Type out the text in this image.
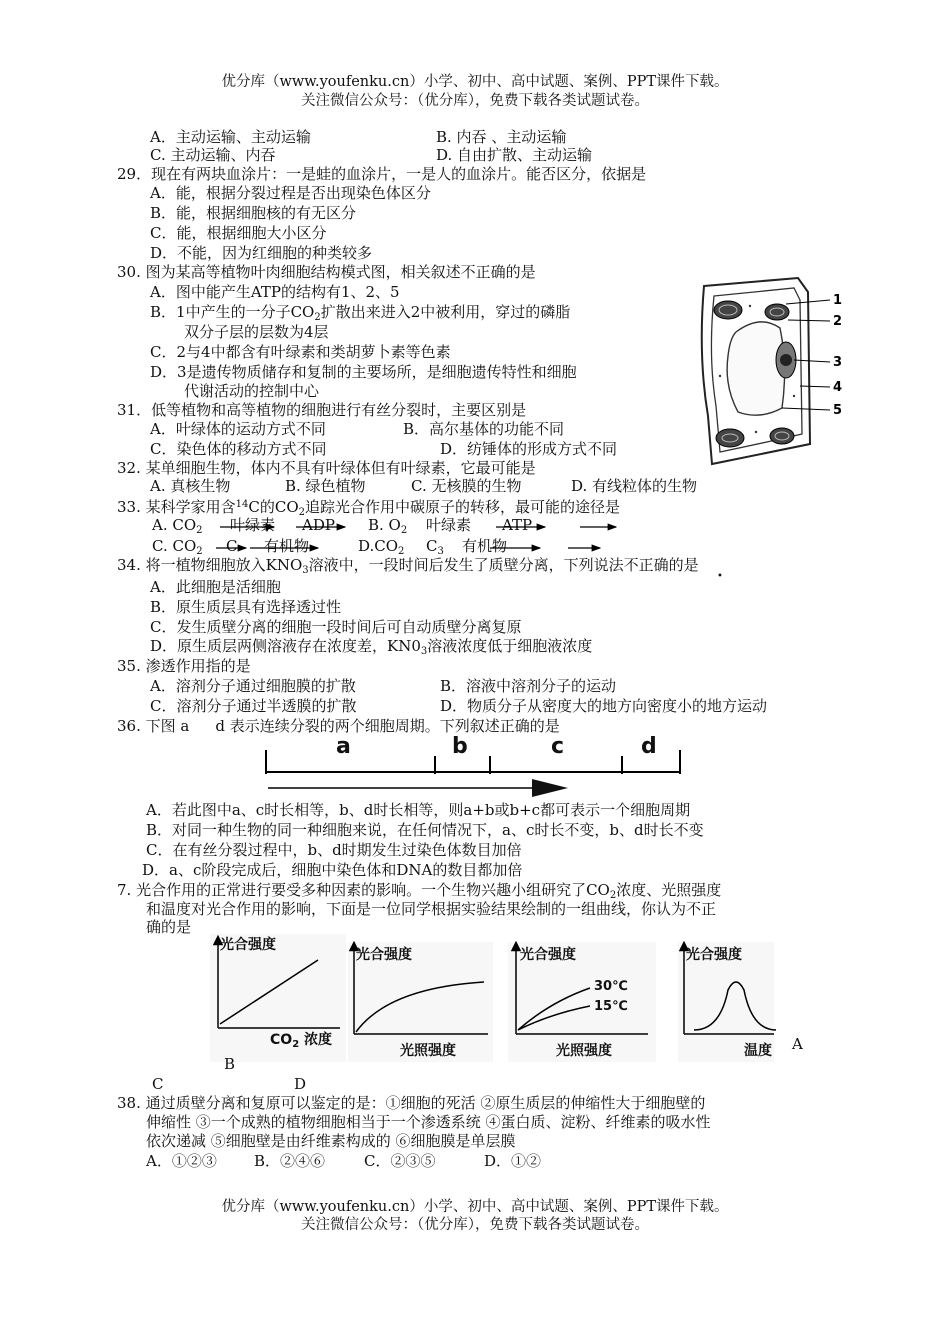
优分库（www.youfenku.cn）小学、初中、高中试题、案例、PPT课件下载。
关注微信公众号：（优分库），免费下载各类试题试卷。
A．主动运输、主动运输	B. 内吞 、主动运输
C. 主动运输、内吞	D. 自由扩散、主动运输
29．现在有两块血涂片：一是蛙的血涂片，一是人的血涂片。能否区分，依据是
A．能，根据分裂过程是否出现染色体区分
B．能，根据细胞核的有无区分
C．能，根据细胞大小区分
D．不能，因为红细胞的种类较多
30. 图为某高等植物叶肉细胞结构模式图，相关叙述不正确的是
A．图中能产生ATP的结构有1、2、5
B．1中产生的一分子$CO_2$扩散出来进入2中被利用，穿过的磷脂
双分子层的层数为4层
C．2与4中都含有叶绿素和类胡萝卜素等色素
D．3是遗传物质储存和复制的主要场所，是细胞遗传特性和细胞
代谢活动的控制中心
1
2
3
4
5
31．低等植物和高等植物的细胞进行有丝分裂时，主要区别是
A．叶绿体的运动方式不同	B．高尔基体的功能不同
C．染色体的移动方式不同	D．纺锤体的形成方式不同
32. 某单细胞生物，体内不具有叶绿体但有叶绿素，它最可能是
A. 真核生物	B. 绿色植物	C. 无核膜的生物	D. 有线粒体的生物
33. 某科学家用含$^{14}$C的$CO_2$追踪光合作用中碳原子的转移，最可能的途径是
A. $CO_2$ 叶绿素 ADP B. $O_2$ 叶绿素 ATP
C. $CO_2$ C 有机物	$D.CO_2$ $C_3$ 有机物
34. 将一植物细胞放入$KNO_3$溶液中，一段时间后发生了质壁分离，下列说法不正确的是
•
A．此细胞是活细胞
B．原生质层具有选择透过性
C．发生质壁分离的细胞一段时间后可自动质壁分离复原
D．原生质层两侧溶液存在浓度差，$KN0_3$溶液浓度低于细胞液浓度
35. 渗透作用指的是
A．溶剂分子通过细胞膜的扩散	B．溶液中溶剂分子的运动
C．溶剂分子通过半透膜的扩散	D．物质分子从密度大的地方向密度小的地方运动
36. 下图 a d 表示连续分裂的两个细胞周期。下列叙述正确的是
a	b	c	d
A．若此图中a、c时长相等，b、d时长相等，则a+b或b+c都可表示一个细胞周期
B．对同一种生物的同一种细胞来说，在任何情况下，a、c时长不变，b、d时长不变
C．在有丝分裂过程中，b、d时期发生过染色体数目加倍
D．a、c阶段完成后，细胞中染色体和DNA的数目都加倍
7. 光合作用的正常进行要受多种因素的影响。一个生物兴趣小组研究了$CO_2$浓度、光照强度
和温度对光合作用的影响，下面是一位同学根据实验结果绘制的一组曲线，你认为不正
确的是
光合强度
$CO_2$ 浓度
光合强度
光照强度
光合强度
30℃
15℃
光照强度
光合强度
温度 A
B
C	D
38. 通过质壁分离和复原可以鉴定的是：①细胞的死活 ②原生质层的伸缩性大于细胞壁的
伸缩性 ③一个成熟的植物细胞相当于一个渗透系统 ④蛋白质、淀粉、纤维素的吸水性
依次递减 ⑤细胞壁是由纤维素构成的 ⑥细胞膜是单层膜
A．①②③ B．②④⑥	C．②③⑤	D．①②
优分库（www.youfenku.cn）小学、初中、高中试题、案例、PPT课件下载。
关注微信公众号：（优分库），免费下载各类试题试卷。
